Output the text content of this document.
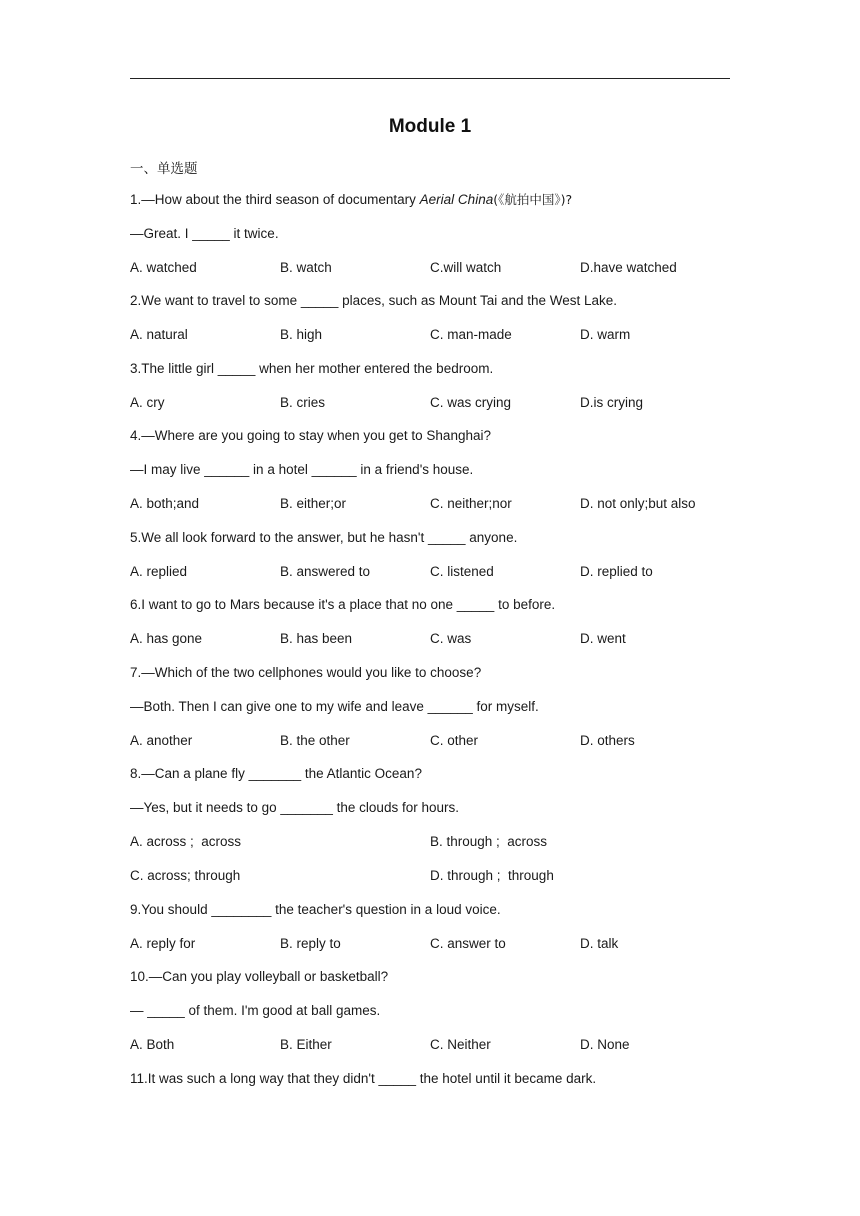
Module 1
一、单选题
1.—How about the third season of documentary Aerial China(《航拍中国》)?
—Great. I _____ it twice.
A. watched	B. watch	C.will watch	D.have watched
2.We want to travel to some _____ places, such as Mount Tai and the West Lake.
A. natural	B. high	C. man-made	D. warm
3.The little girl _____ when her mother entered the bedroom.
A. cry	B. cries	C. was crying	D.is crying
4.—Where are you going to stay when you get to Shanghai?
—I may live ______ in a hotel ______ in a friend's house.
A. both;and	B. either;or	C. neither;nor	D. not only;but also
5.We all look forward to the answer, but he hasn't _____ anyone.
A. replied	B. answered to	C. listened	D. replied to
6.I want to go to Mars because it's a place that no one _____ to before.
A. has gone	B. has been	C. was	D. went
7.—Which of the two cellphones would you like to choose?
—Both. Then I can give one to my wife and leave ______ for myself.
A. another	B. the other	C. other	D. others
8.—Can a plane fly _______ the Atlantic Ocean?
—Yes, but it needs to go _______ the clouds for hours.
A. across ;  across	B. through ;  across
C. across; through	D. through ;  through
9.You should ________ the teacher's question in a loud voice.
A. reply for	B. reply to	C. answer to	D. talk
10.—Can you play volleyball or basketball?
— _____ of them. I'm good at ball games.
A. Both	B. Either	C. Neither	D. None
11.It was such a long way that they didn't _____ the hotel until it became dark.
